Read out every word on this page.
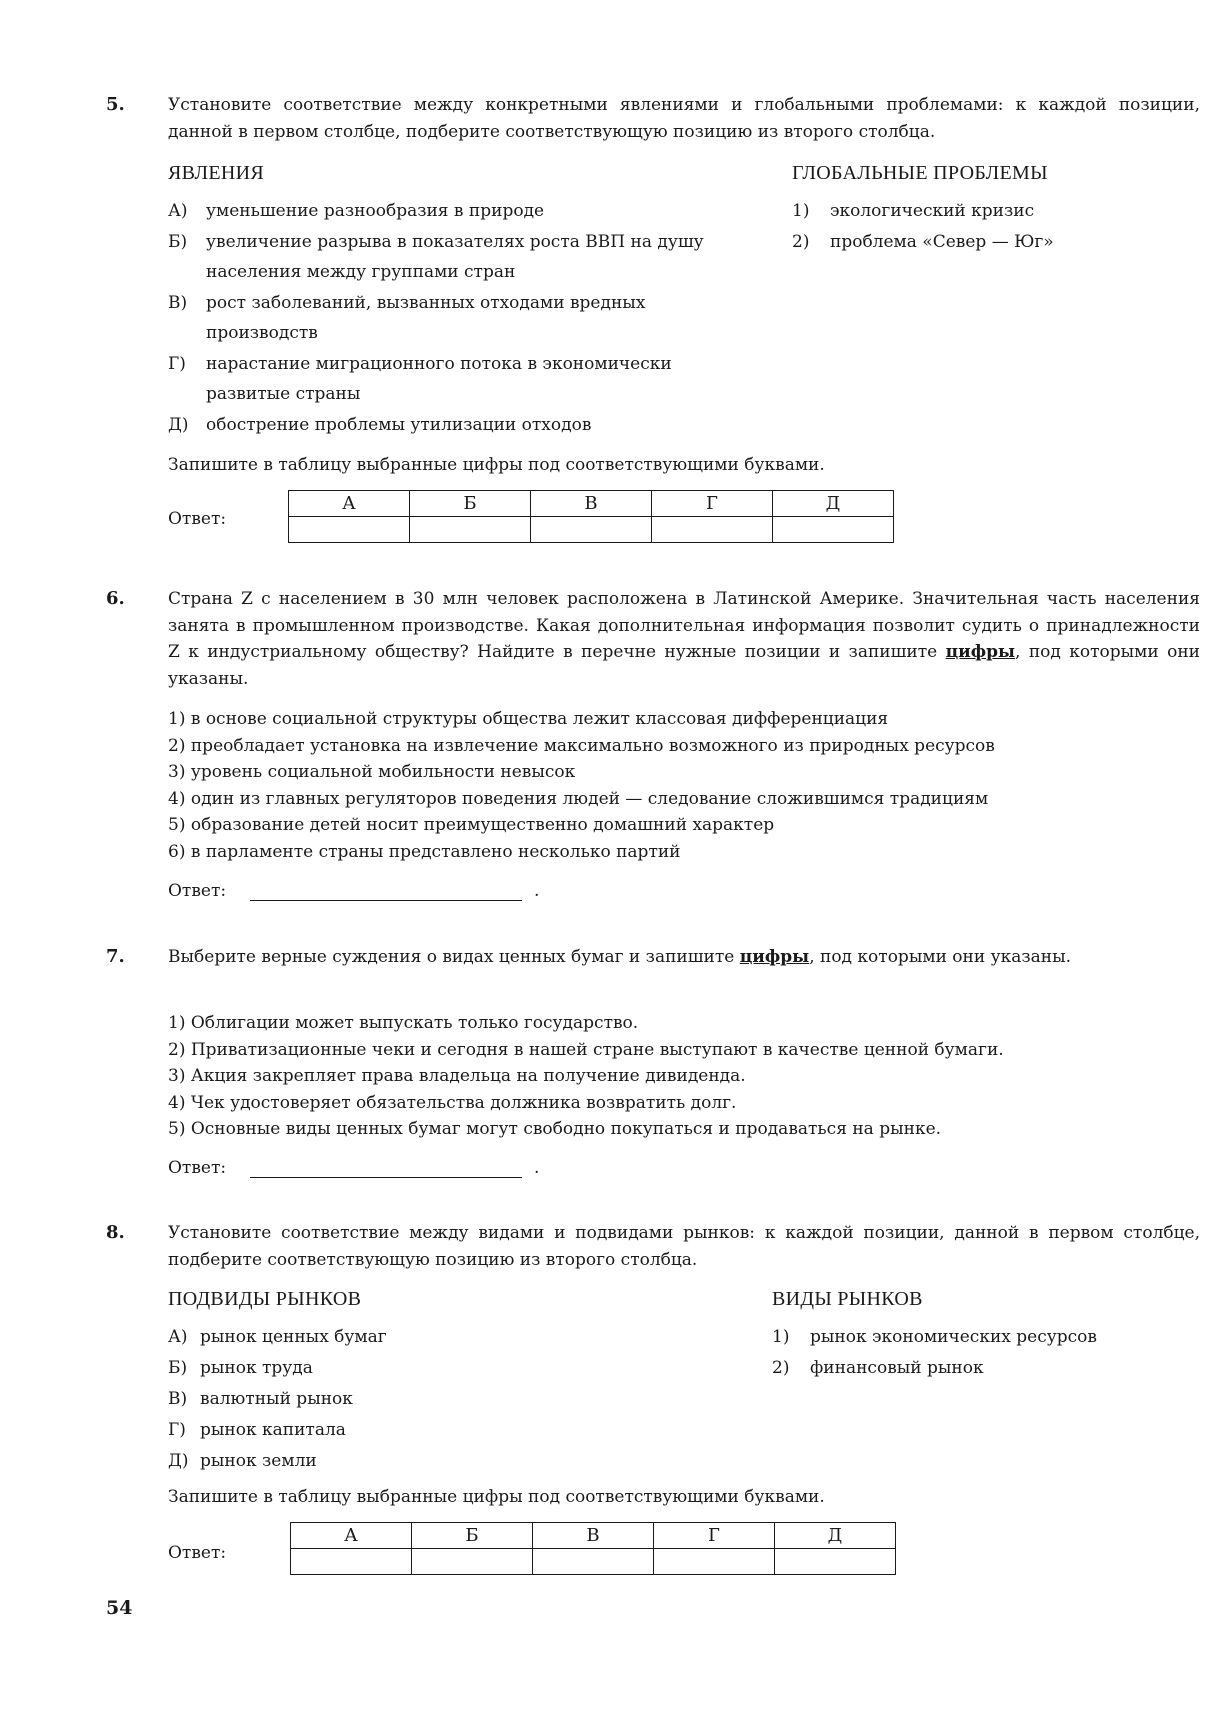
5.	Установите соответствие между конкретными явлениями и глобальными проблемами: к каждой позиции, данной в первом столбце, подберите соответствующую позицию из второго столбца.
ЯВЛЕНИЯ	ГЛОБАЛЬНЫЕ ПРОБЛЕМЫ
А)	уменьшение разнообразия в природе
Б)	увеличение разрыва в показателях роста ВВП на душу населения между группами стран
В)	рост заболеваний, вызванных отходами вредных производств
Г)	нарастание миграционного потока в экономически развитые страны
Д)	обострение проблемы утилизации отходов
1)	экологический кризис
2)	проблема «Север — Юг»
Запишите в таблицу выбранные цифры под соответствующими буквами.
Ответ:
А	Б	В	Г	Д

6.	Страна Z с населением в 30 млн человек расположена в Латинской Америке. Значительная часть населения занята в промышленном производстве. Какая дополнительная информация позволит судить о принадлежности Z к индустриальному обществу? Найдите в перечне нужные позиции и запишите цифры, под которыми они указаны.
1) в основе социальной структуры общества лежит классовая дифференциация
2) преобладает установка на извлечение максимально возможного из природных ресурсов
3) уровень социальной мобильности невысок
4) один из главных регуляторов поведения людей — следование сложившимся традициям
5) образование детей носит преимущественно домашний характер
6) в парламенте страны представлено несколько партий
Ответ:	.
7.	Выберите верные суждения о видах ценных бумаг и запишите цифры, под которыми они указаны.
1) Облигации может выпускать только государство.
2) Приватизационные чеки и сегодня в нашей стране выступают в качестве ценной бумаги.
3) Акция закрепляет права владельца на получение дивиденда.
4) Чек удостоверяет обязательства должника возвратить долг.
5) Основные виды ценных бумаг могут свободно покупаться и продаваться на рынке.
Ответ:	.
8.	Установите соответствие между видами и подвидами рынков: к каждой позиции, данной в первом столбце, подберите соответствующую позицию из второго столбца.
ПОДВИДЫ РЫНКОВ	ВИДЫ РЫНКОВ
А) рынок ценных бумаг
Б) рынок труда
В) валютный рынок
Г) рынок капитала
Д) рынок земли
1)	рынок экономических ресурсов
2)	финансовый рынок
Запишите в таблицу выбранные цифры под соответствующими буквами.
Ответ:
А	Б	В	Г	Д

54
